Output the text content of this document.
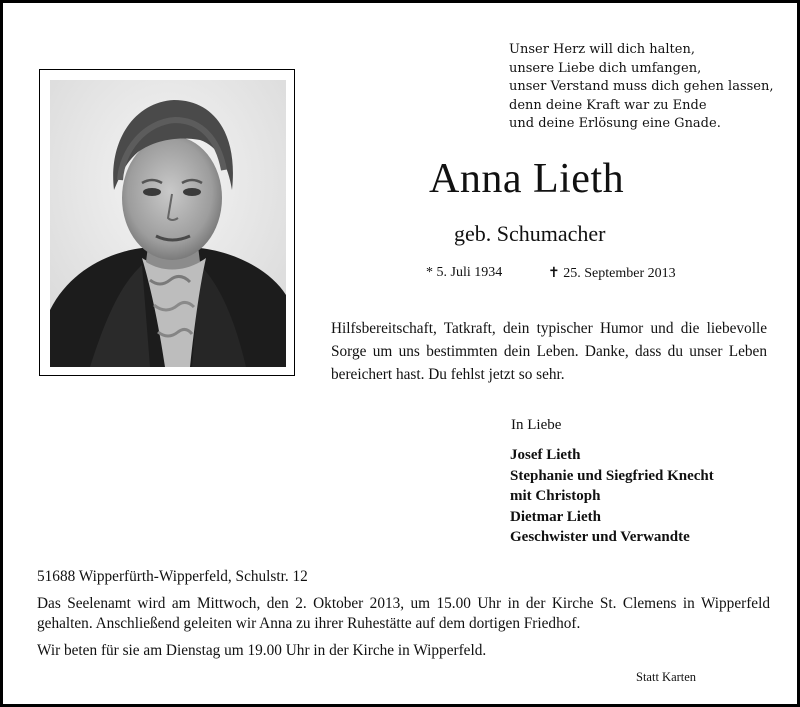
Unser Herz will dich halten,
unsere Liebe dich umfangen,
unser Verstand muss dich gehen lassen,
denn deine Kraft war zu Ende
und deine Erlösung eine Gnade.
Anna Lieth
geb. Schumacher
* 5. Juli 1934	✝ 25. September 2013
Hilfsbereitschaft, Tatkraft, dein typischer Humor und die liebevolle Sorge um uns bestimmten dein Leben. Danke, dass du unser Leben bereichert hast. Du fehlst jetzt so sehr.
In Liebe
Josef Lieth
Stephanie und Siegfried Knecht
mit Christoph
Dietmar Lieth
Geschwister und Verwandte
51688 Wipperfürth-Wipperfeld, Schulstr. 12
Das Seelenamt wird am Mittwoch, den 2. Oktober 2013, um 15.00 Uhr in der Kirche St. Clemens in Wipperfeld gehalten. Anschließend geleiten wir Anna zu ihrer Ruhestätte auf dem dortigen Friedhof.
Wir beten für sie am Dienstag um 19.00 Uhr in der Kirche in Wipperfeld.
Statt Karten
